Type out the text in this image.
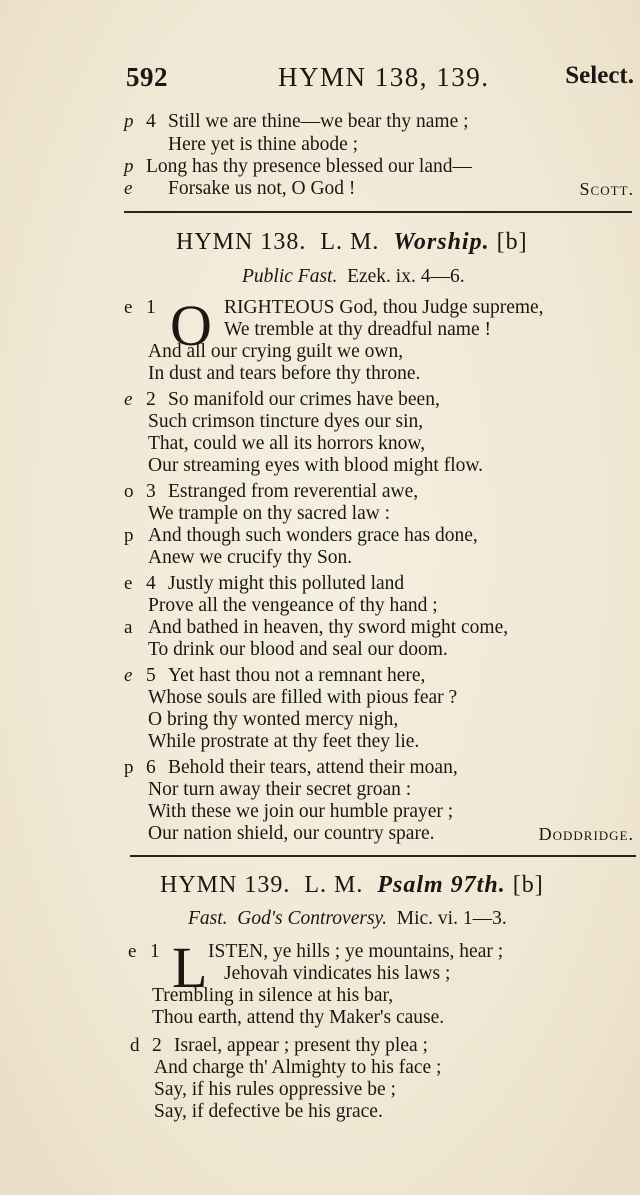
592	HYMN 138, 139.	Select.
p 4 Still we are thine—we bear thy name ;
Here yet is thine abode ;
p Long has thy presence blessed our land—
e	Forsake us not, O God !	Scott.
HYMN 138. L. M. Worship. [b]
Public Fast. Ezek. ix. 4—6.
O
e 1	RIGHTEOUS God, thou Judge supreme,
We tremble at thy dreadful name !
And all our crying guilt we own,
In dust and tears before thy throne.
e 2 So manifold our crimes have been,
Such crimson tincture dyes our sin,
That, could we all its horrors know,
Our streaming eyes with blood might flow.
o 3 Estranged from reverential awe,
We trample on thy sacred law :
p And though such wonders grace has done,
Anew we crucify thy Son.
e 4 Justly might this polluted land
Prove all the vengeance of thy hand ;
a And bathed in heaven, thy sword might come,
To drink our blood and seal our doom.
e 5 Yet hast thou not a remnant here,
Whose souls are filled with pious fear ?
O bring thy wonted mercy nigh,
While prostrate at thy feet they lie.
p 6 Behold their tears, attend their moan,
Nor turn away their secret groan :
With these we join our humble prayer ;
Our nation shield, our country spare.	Doddridge.
HYMN 139. L. M. Psalm 97th. [b]
Fast. God's Controversy. Mic. vi. 1—3.
L
e 1	ISTEN, ye hills ; ye mountains, hear ;
Jehovah vindicates his laws ;
Trembling in silence at his bar,
Thou earth, attend thy Maker's cause.
d 2 Israel, appear ; present thy plea ;
And charge th' Almighty to his face ;
Say, if his rules oppressive be ;
Say, if defective be his grace.
